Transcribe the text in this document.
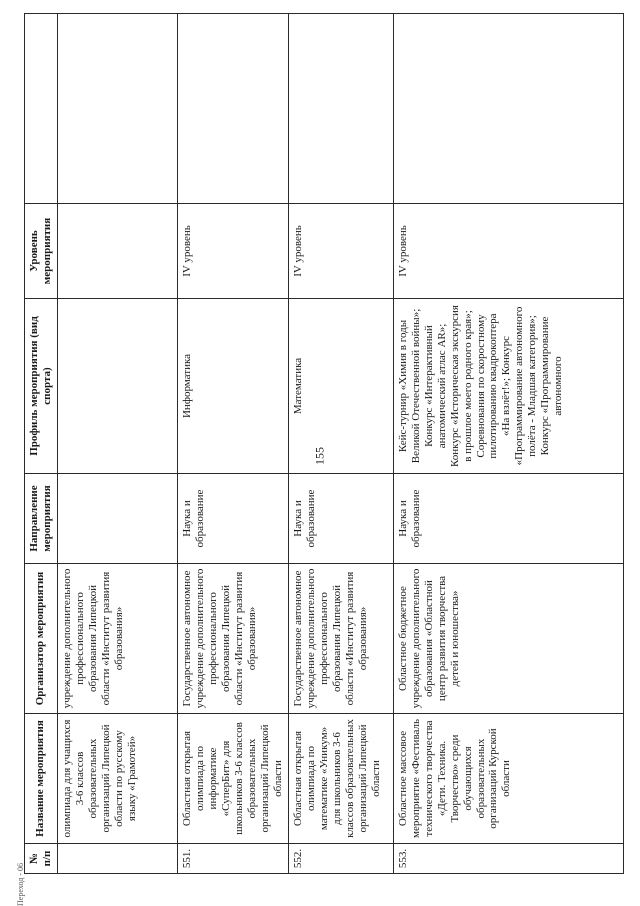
155
Переход - 06
№ п/п	Название мероприятия	Организатор мероприятия	Направление мероприятия	Профиль мероприятия (вид спорта)	Уровень мероприятия	
	олимпиада для учащихся 3-6 классов образовательных организаций Липецкой области по русскому языку «Грамотей»	учреждение дополнительного профессионального образования Липецкой области «Институт развития образования»				
551.	Областная открытая олимпиада по информатике «СуперБит» для школьников 3-6 классов образовательных организаций Липецкой области	Государственное автономное учреждение дополнительного профессионального образования Липецкой области «Институт развития образования»	Наука и образование	Информатика	IV уровень	
552.	Областная открытая олимпиада по математике «Уникум» для школьников 3-6 классов образовательных организаций Липецкой области	Государственное автономное учреждение дополнительного профессионального образования Липецкой области «Институт развития образования»	Наука и образование	Математика	IV уровень	
553.	Областное массовое мероприятие «Фестиваль технического творчества «Дети. Техника. Творчество» среди обучающихся образовательных организаций Курской области	Областное бюджетное учреждение дополнительного образования «Областной центр развития творчества детей и юношества»	Наука и образование	Кейс-турнир «Химия в годы Великой Отечественной войны»; Конкурс «Интерактивный анатомический атлас AR»; Конкурс «Историческая экскурсия в прошлое моего родного края»; Соревнования по скоростному пилотированию квадрокоптера «На взлёт!»; Конкурс «Программирование автономного полёта - Младшая категория»; Конкурс «Программирование автономного	IV уровень	
